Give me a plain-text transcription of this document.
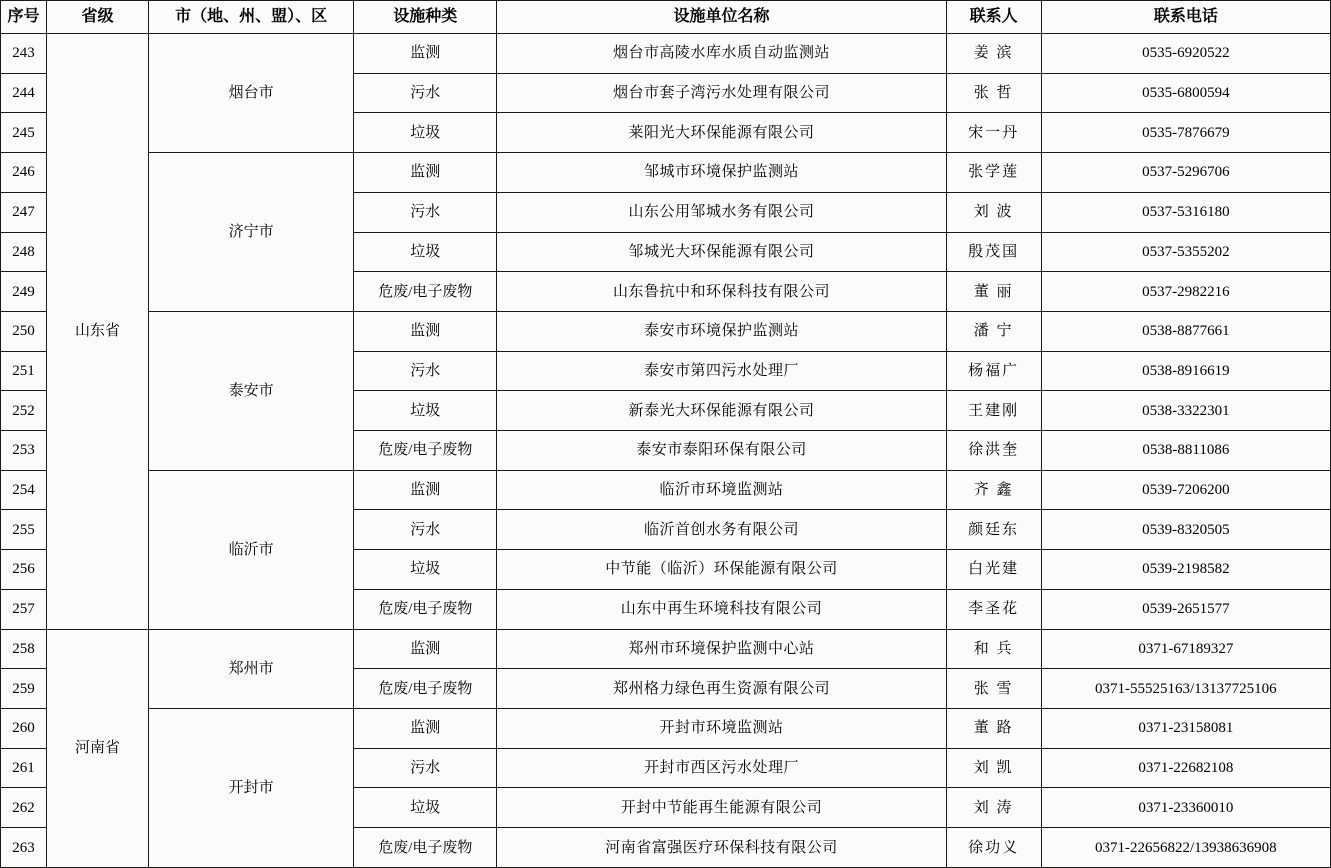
序号	省级	市（地、州、盟）、区	设施种类	设施单位名称	联系人	联系电话
243	山东省	烟台市	监测	烟台市高陵水库水质自动监测站	姜 滨	0535-6920522
244			污水	烟台市套子湾污水处理有限公司	张 哲	0535-6800594
245			垃圾	莱阳光大环保能源有限公司	宋一丹	0535-7876679
246		济宁市	监测	邹城市环境保护监测站	张学莲	0537-5296706
247			污水	山东公用邹城水务有限公司	刘 波	0537-5316180
248			垃圾	邹城光大环保能源有限公司	殷茂国	0537-5355202
249			危废/电子废物	山东鲁抗中和环保科技有限公司	董 丽	0537-2982216
250		泰安市	监测	泰安市环境保护监测站	潘 宁	0538-8877661
251			污水	泰安市第四污水处理厂	杨福广	0538-8916619
252			垃圾	新泰光大环保能源有限公司	王建刚	0538-3322301
253			危废/电子废物	泰安市泰阳环保有限公司	徐洪奎	0538-8811086
254		临沂市	监测	临沂市环境监测站	齐 鑫	0539-7206200
255			污水	临沂首创水务有限公司	颜廷东	0539-8320505
256			垃圾	中节能（临沂）环保能源有限公司	白光建	0539-2198582
257			危废/电子废物	山东中再生环境科技有限公司	李圣花	0539-2651577
258	河南省	郑州市	监测	郑州市环境保护监测中心站	和 兵	0371-67189327
259			危废/电子废物	郑州格力绿色再生资源有限公司	张 雪	0371-55525163/13137725106
260		开封市	监测	开封市环境监测站	董 路	0371-23158081
261			污水	开封市西区污水处理厂	刘 凯	0371-22682108
262			垃圾	开封中节能再生能源有限公司	刘 涛	0371-23360010
263			危废/电子废物	河南省富强医疗环保科技有限公司	徐功义	0371-22656822/13938636908
